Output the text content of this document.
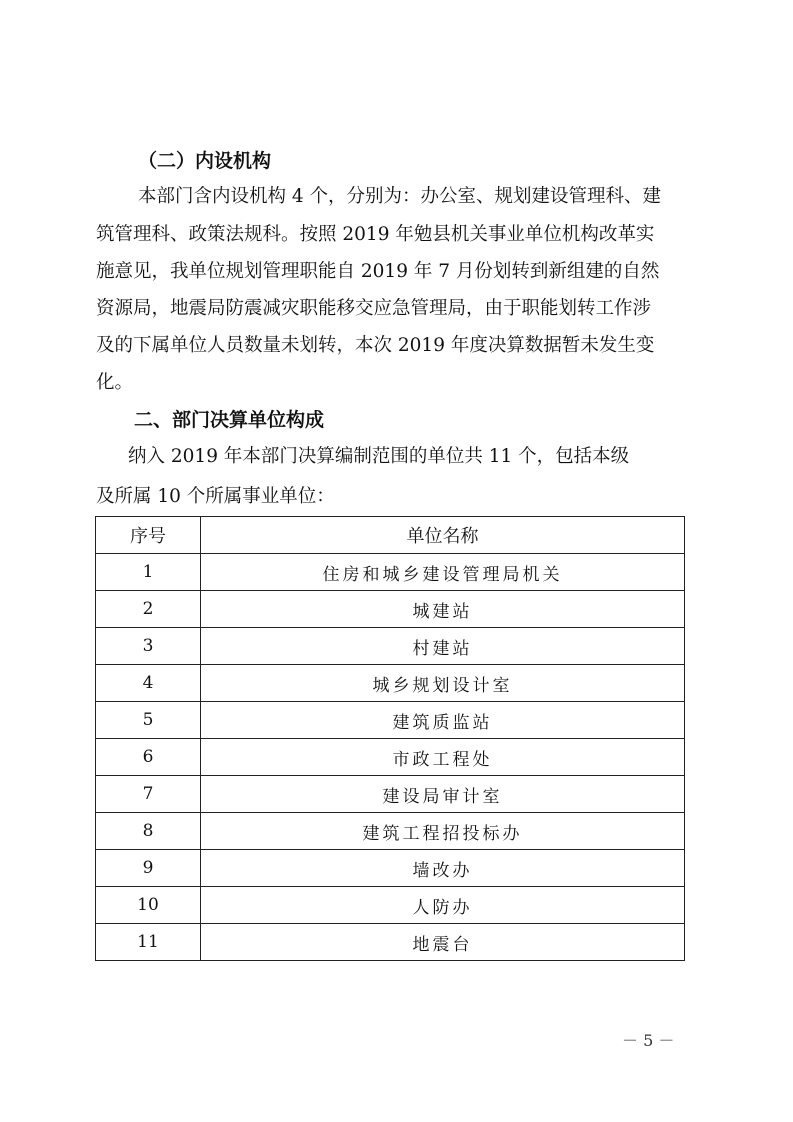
（二）内设机构
本部门含内设机构 4 个，分别为：办公室、规划建设管理科、建
筑管理科、政策法规科。按照 2019 年勉县机关事业单位机构改革实
施意见，我单位规划管理职能自 2019 年 7 月份划转到新组建的自然
资源局，地震局防震减灾职能移交应急管理局，由于职能划转工作涉
及的下属单位人员数量未划转，本次 2019 年度决算数据暂未发生变
化。
二、部门决算单位构成
纳入 2019 年本部门决算编制范围的单位共 11 个，包括本级
及所属 10 个所属事业单位：
序号	单位名称
1	住房和城乡建设管理局机关
2	城建站
3	村建站
4	城乡规划设计室
5	建筑质监站
6	市政工程处
7	建设局审计室
8	建筑工程招投标办
9	墙改办
10	人防办
11	地震台
－ 5 －
